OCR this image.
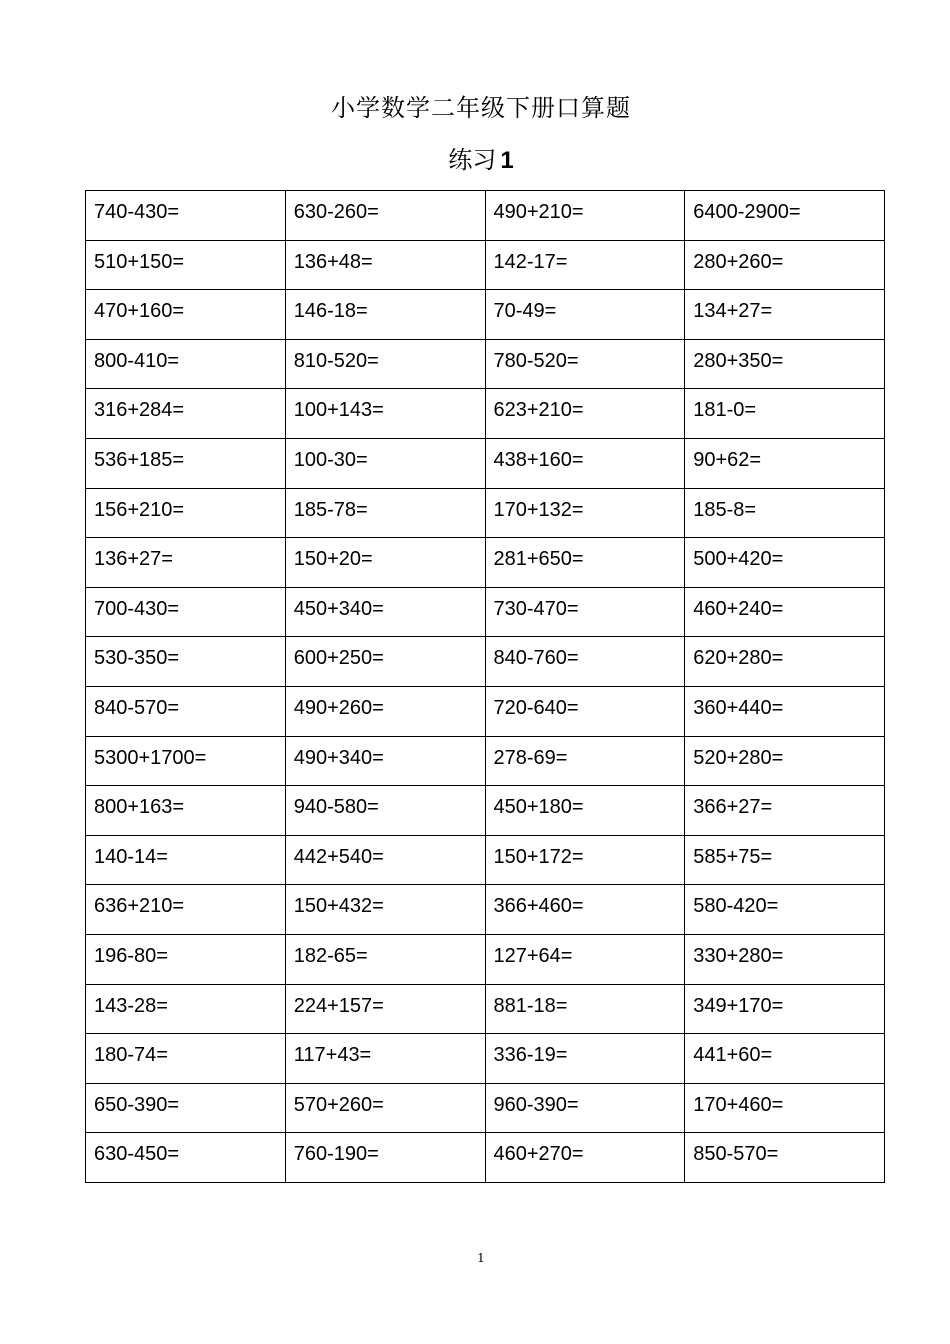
小学数学二年级下册口算题
练习 1
740-430=	630-260=	490+210=	6400-2900=

510+150=	136+48=	142-17=	280+260=

470+160=	146-18=	70-49=	134+27=

800-410=	810-520=	780-520=	280+350=

316+284=	100+143=	623+210=	181-0=

536+185=	100-30=	438+160=	90+62=

156+210=	185-78=	170+132=	185-8=

136+27=	150+20=	281+650=	500+420=

700-430=	450+340=	730-470=	460+240=

530-350=	600+250=	840-760=	620+280=

840-570=	490+260=	720-640=	360+440=

5300+1700=	490+340=	278-69=	520+280=

800+163=	940-580=	450+180=	366+27=

140-14=	442+540=	150+172=	585+75=

636+210=	150+432=	366+460=	580-420=

196-80=	182-65=	127+64=	330+280=

143-28=	224+157=	881-18=	349+170=

180-74=	117+43=	336-19=	441+60=

650-390=	570+260=	960-390=	170+460=

630-450=	760-190=	460+270=	850-570=
1
